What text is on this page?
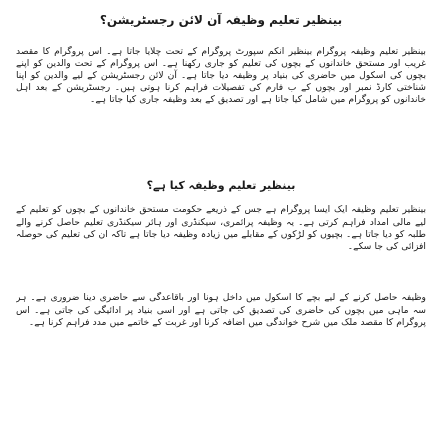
بینظیر تعلیم وظیفہ آن لائن رجسٹریشن؟

بینظیر تعلیم وظیفہ پروگرام بینظیر انکم سپورٹ پروگرام کے تحت چلایا جاتا ہے۔ اس پروگرام کا مقصد غریب اور مستحق خاندانوں کے بچوں کی تعلیم کو جاری رکھنا ہے۔ اس پروگرام کے تحت والدین کو اپنے بچوں کی اسکول میں حاضری کی بنیاد پر وظیفہ دیا جاتا ہے۔ آن لائن رجسٹریشن کے لیے والدین کو اپنا شناختی کارڈ نمبر اور بچوں کے ب فارم کی تفصیلات فراہم کرنا ہوتی ہیں۔ رجسٹریشن کے بعد اہل خاندانوں کو پروگرام میں شامل کیا جاتا ہے اور تصدیق کے بعد وظیفہ جاری کیا جاتا ہے۔

بینظیر تعلیم وظیفہ کیا ہے؟

بینظیر تعلیم وظیفہ ایک ایسا پروگرام ہے جس کے ذریعے حکومت مستحق خاندانوں کے بچوں کو تعلیم کے لیے مالی امداد فراہم کرتی ہے۔ یہ وظیفہ پرائمری، سیکنڈری اور ہائر سیکنڈری تعلیم حاصل کرنے والے طلبہ کو دیا جاتا ہے۔ بچیوں کو لڑکوں کے مقابلے میں زیادہ وظیفہ دیا جاتا ہے تاکہ ان کی تعلیم کی حوصلہ افزائی کی جا سکے۔

وظیفہ حاصل کرنے کے لیے بچے کا اسکول میں داخل ہونا اور باقاعدگی سے حاضری دینا ضروری ہے۔ ہر سہ ماہی میں بچوں کی حاضری کی تصدیق کی جاتی ہے اور اسی بنیاد پر ادائیگی کی جاتی ہے۔ اس پروگرام کا مقصد ملک میں شرح خواندگی میں اضافہ کرنا اور غربت کے خاتمے میں مدد فراہم کرنا ہے۔
